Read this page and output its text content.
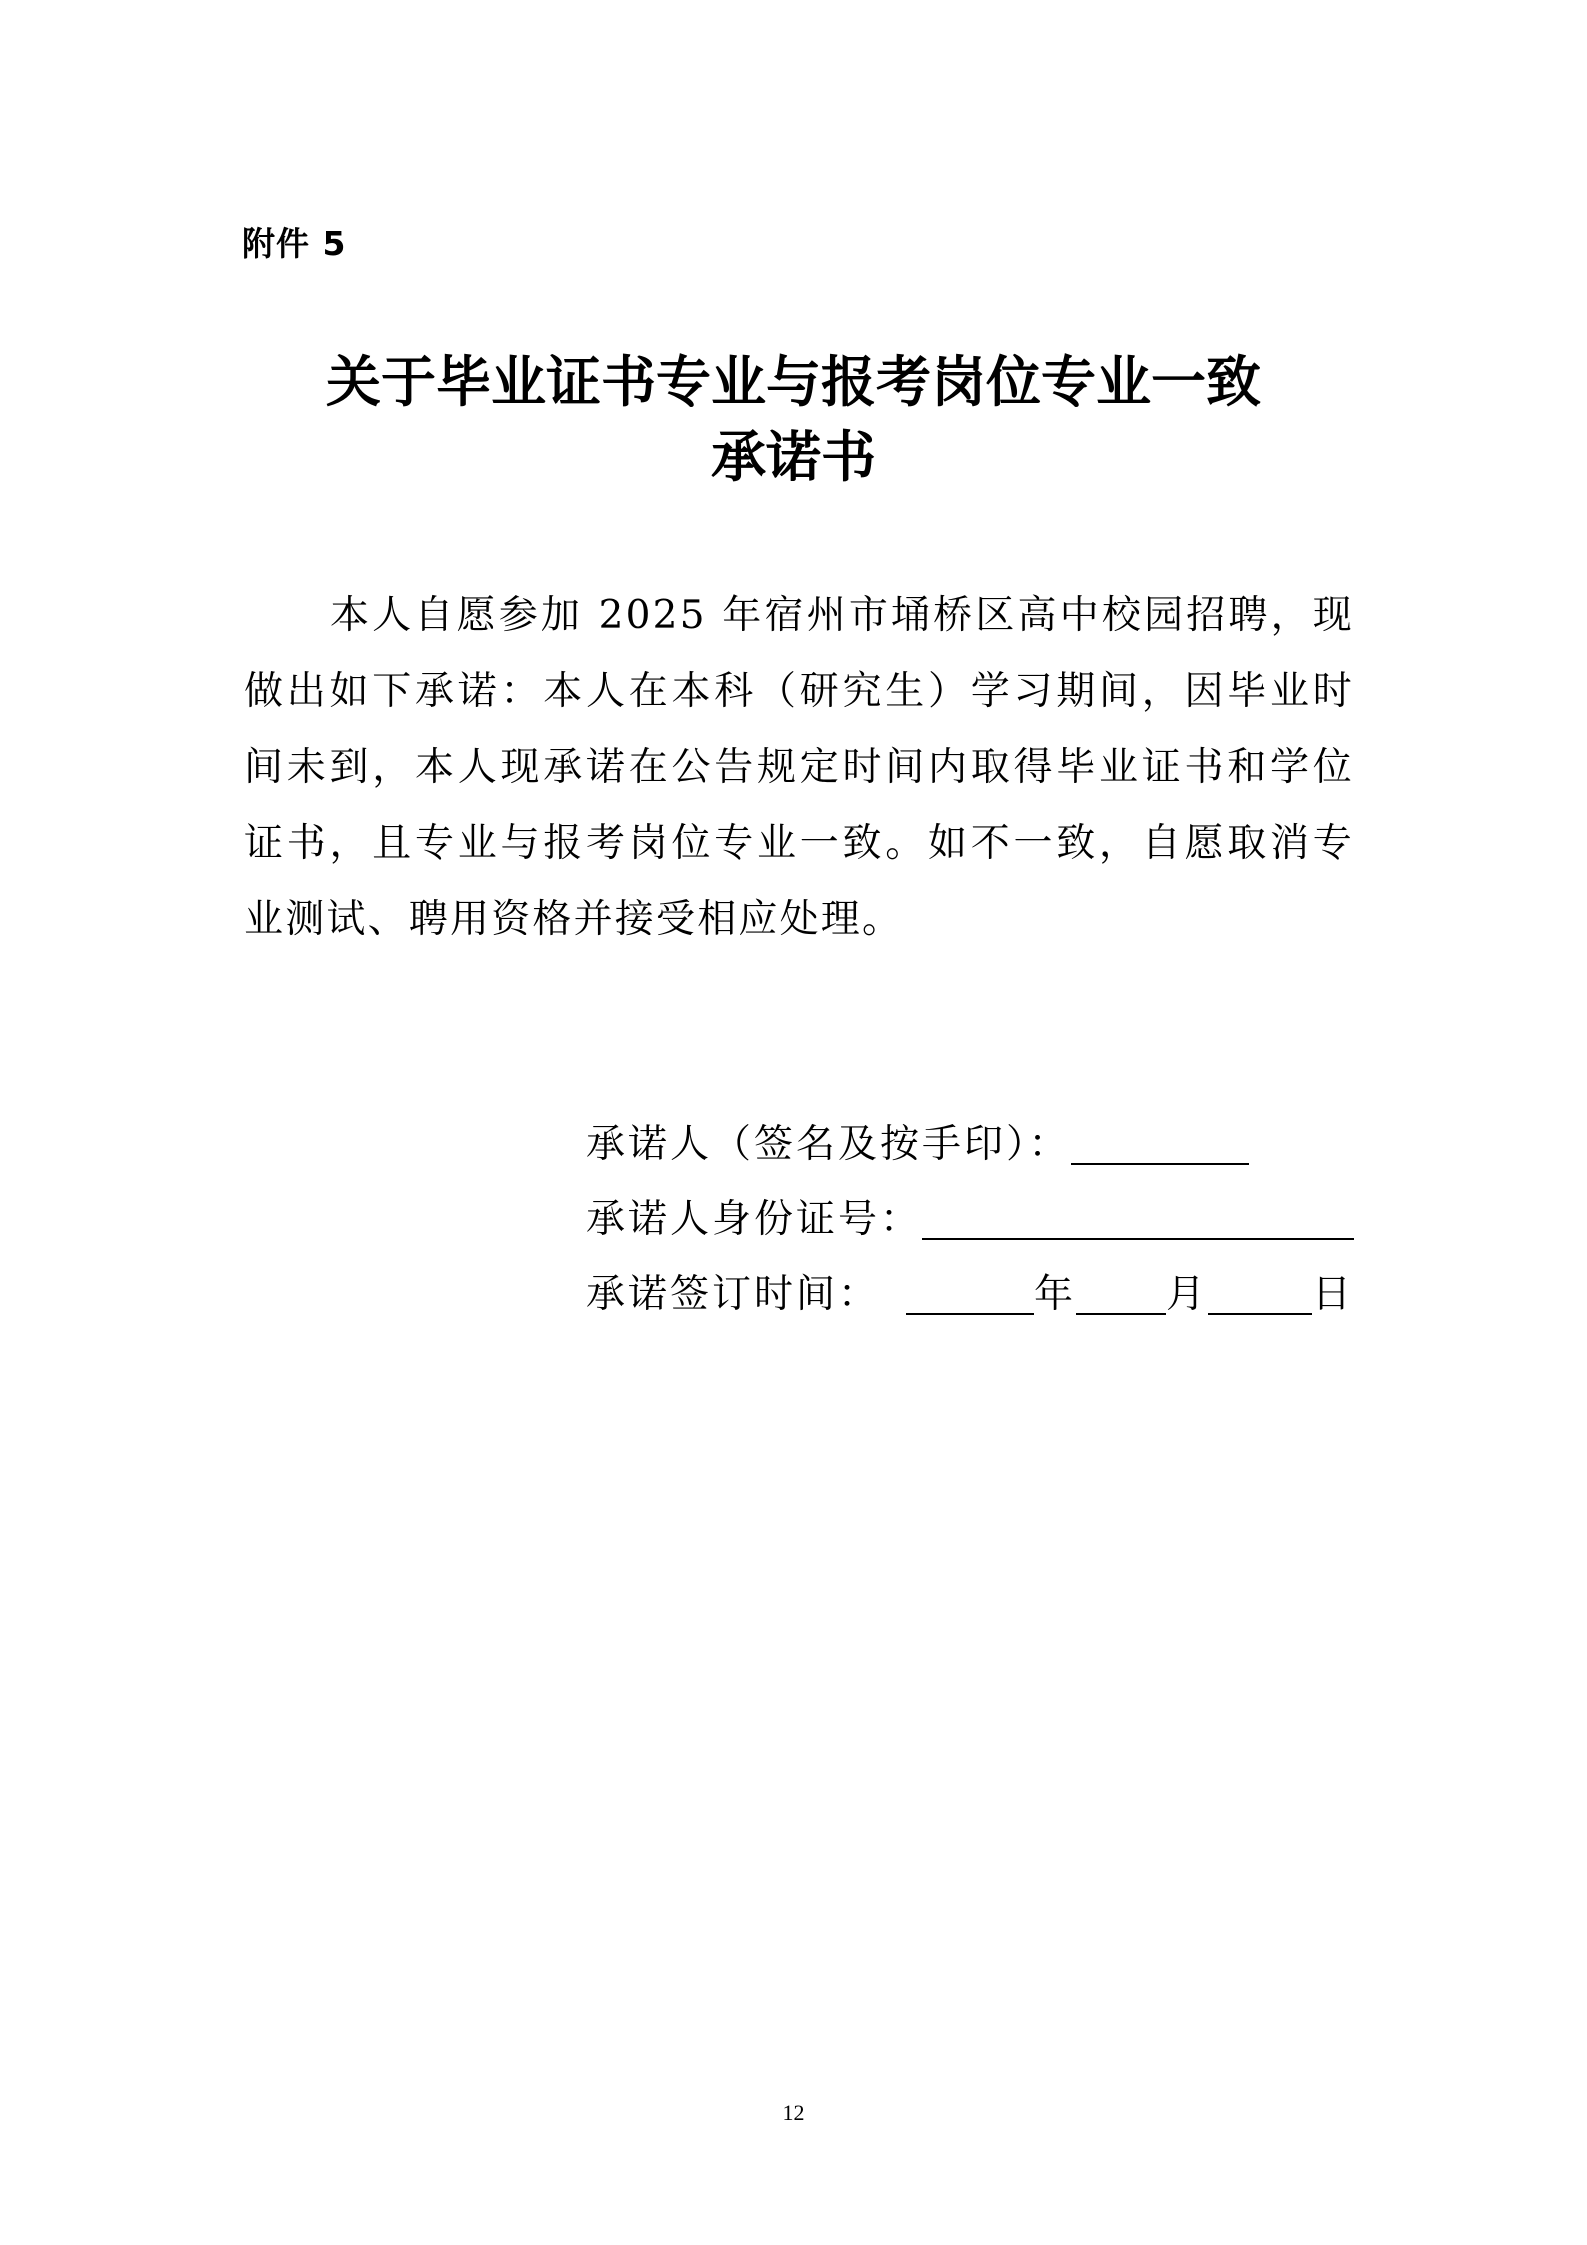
附件 5
关于毕业证书专业与报考岗位专业一致
承诺书
本人自愿参加 2025 年宿州市埇桥区高中校园招聘，现做出如下承诺：本人在本科（研究生）学习期间，因毕业时间未到，本人现承诺在公告规定时间内取得毕业证书和学位证书，且专业与报考岗位专业一致。如不一致，自愿取消专业测试、聘用资格并接受相应处理。
承诺人（签名及按手印）：
承诺人身份证号：
承诺签订时间：	年 月	日
12
